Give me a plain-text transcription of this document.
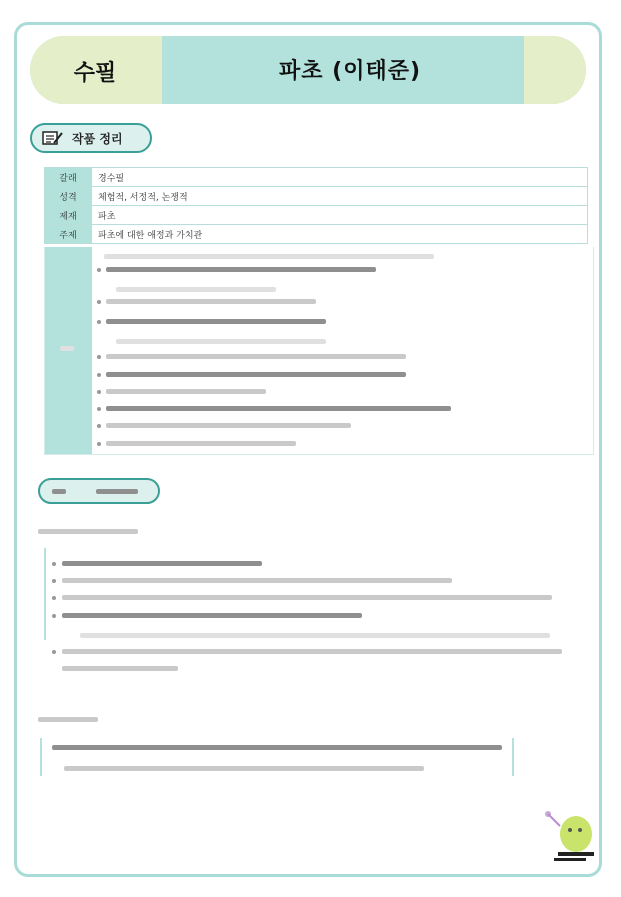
수필	파초 (이태준)
작품 정리
갈래	경수필
성격	체험적, 서정적, 논쟁적
제재	파초
주제	파초에 대한 애정과 가치관
